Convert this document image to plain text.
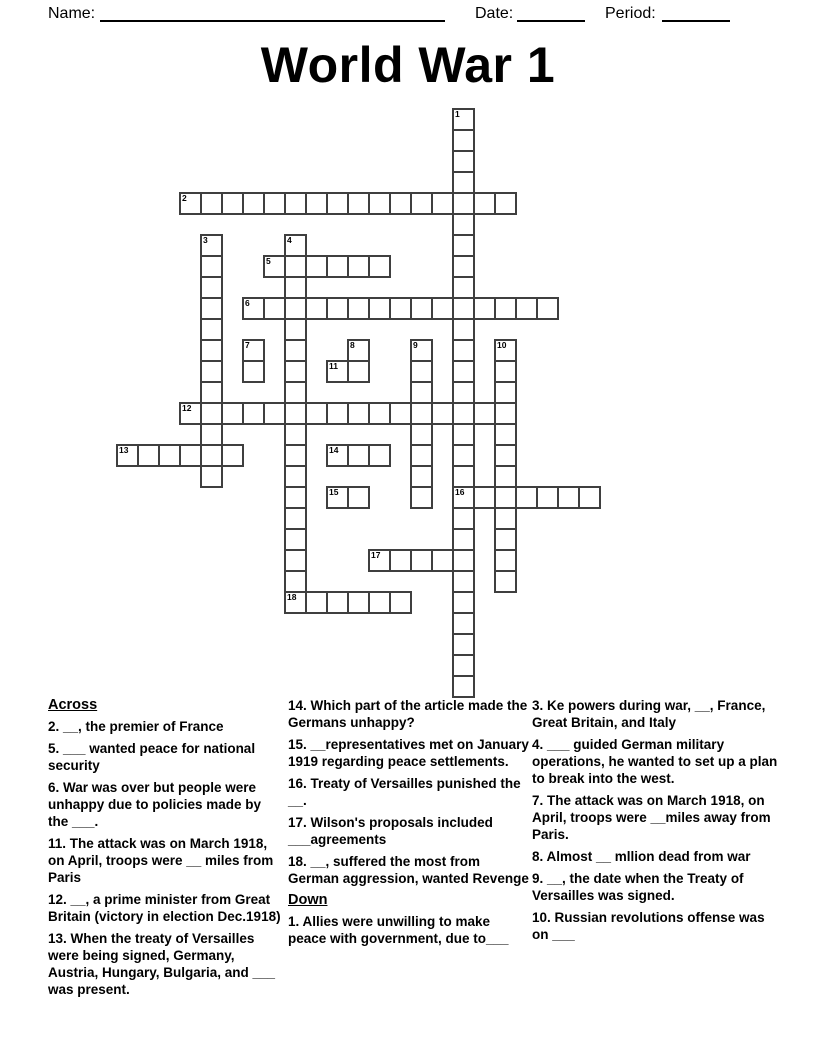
Name:	Date:	Period:
World War 1
1
2
3	4
5
6
7	8	9	10
11
12
13	14
15	16
17
18
Across

2. __, the premier of France

5. ___ wanted peace for national security

6. War was over but people were unhappy due to policies made by the ___.

11. The attack was on March 1918, on April, troops were __ miles from Paris

12. __, a prime minister from Great Britain (victory in election Dec.1918)

13. When the treaty of Versailles were being signed, Germany, Austria, Hungary, Bulgaria, and ___ was present.

14. Which part of the article made the Germans unhappy?

15. __representatives met on January 1919 regarding peace settlements.

16. Treaty of Versailles punished the __.

17. Wilson's proposals included ___agreements

18. __, suffered the most from German aggression, wanted Revenge

Down

1. Allies were unwilling to make peace with government, due to___

3. Ke powers during war, __, France, Great Britain, and Italy

4. ___ guided German military operations, he wanted to set up a plan to break into the west.

7. The attack was on March 1918, on April, troops were __miles away from Paris.

8. Almost __ mllion dead from war

9. __, the date when the Treaty of Versailles was signed.

10. Russian revolutions offense was on ___
